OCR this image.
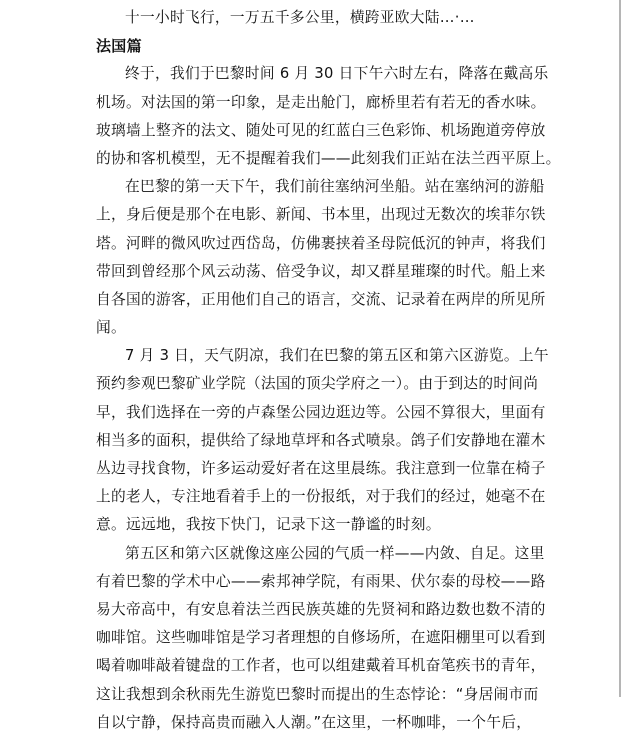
十一小时飞行，一万五千多公里，横跨亚欧大陆…·…
法国篇
终于，我们于巴黎时间 6 月 30 日下午六时左右，降落在戴高乐
机场。对法国的第一印象，是走出舱门，廊桥里若有若无的香水味。
玻璃墙上整齐的法文、随处可见的红蓝白三色彩饰、机场跑道旁停放
的协和客机模型，无不提醒着我们——此刻我们正站在法兰西平原上。
在巴黎的第一天下午，我们前往塞纳河坐船。站在塞纳河的游船
上，身后便是那个在电影、新闻、书本里，出现过无数次的埃菲尔铁
塔。河畔的微风吹过西岱岛，仿佛裹挟着圣母院低沉的钟声，将我们
带回到曾经那个风云动荡、倍受争议，却又群星璀璨的时代。船上来
自各国的游客，正用他们自己的语言，交流、记录着在两岸的所见所
闻。
7 月 3 日，天气阴凉，我们在巴黎的第五区和第六区游览。上午
预约参观巴黎矿业学院（法国的顶尖学府之一）。由于到达的时间尚
早，我们选择在一旁的卢森堡公园边逛边等。公园不算很大，里面有
相当多的面积，提供给了绿地草坪和各式喷泉。鸽子们安静地在灌木
丛边寻找食物，许多运动爱好者在这里晨练。我注意到一位靠在椅子
上的老人，专注地看着手上的一份报纸，对于我们的经过，她毫不在
意。远远地，我按下快门，记录下这一静谧的时刻。
第五区和第六区就像这座公园的气质一样——内敛、自足。这里
有着巴黎的学术中心——索邦神学院，有雨果、伏尔泰的母校——路
易大帝高中，有安息着法兰西民族英雄的先贤祠和路边数也数不清的
咖啡馆。这些咖啡馆是学习者理想的自修场所，在遮阳棚里可以看到
喝着咖啡敲着键盘的工作者，也可以组建戴着耳机奋笔疾书的青年，
这让我想到余秋雨先生游览巴黎时而提出的生态悖论：“身居闹市而
自以宁静，保持高贵而融入人潮。”在这里，一杯咖啡，一个午后，
